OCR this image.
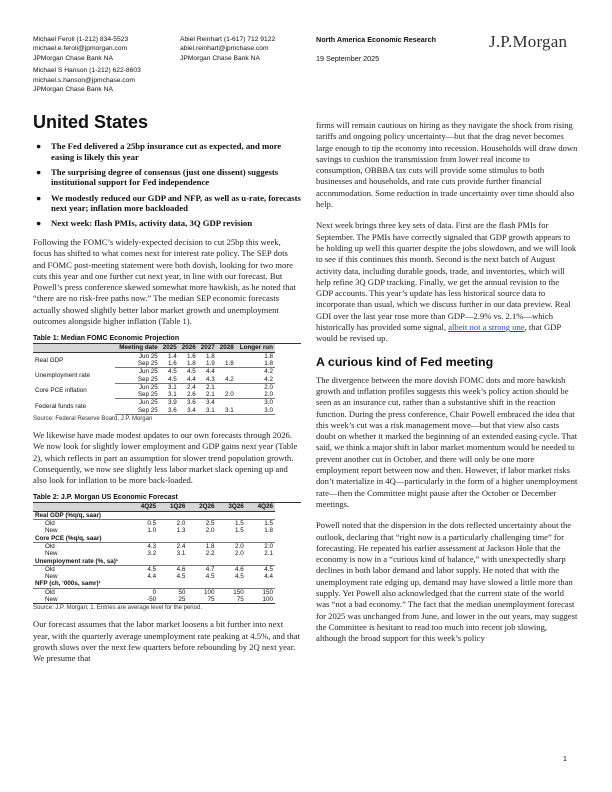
Michael Feroli (1-212) 834-5523
michael.e.feroli@jpmorgan.com
JPMorgan Chase Bank NA
Michael S Hanson (1-212) 622-8603
michael.s.hanson@jpmchase.com
JPMorgan Chase Bank NA
Abiel Reinhart (1-617) 712 9122
abiel.reinhart@jpmchase.com
JPMorgan Chase Bank NA
North America Economic Research
19 September 2025
J.P.Morgan
United States
● The Fed delivered a 25bp insurance cut as expected, and more easing is likely this year
● The surprising degree of consensus (just one dissent) suggests institutional support for Fed independence
● We modestly reduced our GDP and NFP, as well as u-rate, forecasts next year; inflation more backloaded
● Next week: flash PMIs, activity data, 3Q GDP revision

Following the FOMC’s widely-expected decision to cut 25bp this week, focus has shifted to what comes next for interest rate policy. The SEP dots and FOMC post-meeting statement were both dovish, looking for two more cuts this year and one further cut next year, in line with our forecast. But Powell’s press conference skewed somewhat more hawkish, as he noted that “there are no risk-free paths now.” The median SEP economic forecasts actually showed slightly better labor market growth and unemployment outcomes alongside higher inflation (Table 1).

Table 1: Median FOMC Economic Projection
	Meeting date	2025	2026	2027	2028	Longer run
Real GDP	Jun 25	1.4	1.6	1.8		1.8
	Sep 25	1.6	1.8	1.9	1.8	1.8
Unemployment rate	Jun 25	4.5	4.5	4.4		4.2
	Sep 25	4.5	4.4	4.3	4.2	4.2
Core PCE inflation	Jun 25	3.1	2.4	2.1		2.0
	Sep 25	3.1	2.6	2.1	2.0	2.0
Federal funds rate	Jun 25	3.9	3.6	3.4		3.0
	Sep 25	3.6	3.4	3.1	3.1	3.0
Source: Federal Reserve Board, J.P. Morgan

We likewise have made modest updates to our own forecasts through 2026. We now look for slightly lower employment and GDP gains next year (Table 2), which reflects in part an assumption for slower trend population growth. Consequently, we now see slightly less labor market slack opening up and also look for inflation to be more back-loaded.

Table 2: J.P. Morgan US Economic Forecast
	4Q25	1Q26	2Q26	3Q26	4Q26
Real GDP (%q/q, saar)					
Old	0.5	2.0	2.5	1.5	1.5
New	1.0	1.3	2.0	1.5	1.8
Core PCE (%q/q, saar)					
Old	4.3	2.4	1.8	2.0	2.0
New	3.2	3.1	2.2	2.0	2.1
Unemployment rate (%, sa)¹					
Old	4.5	4.6	4.7	4.6	4.5
New	4.4	4.5	4.5	4.5	4.4
NFP (ch, ‘000s, samr)¹					
Old	0	50	100	150	150
New	-50	25	75	75	100
Source: J.P. Morgan; 1. Entries are average level for the period.

Our forecast assumes that the labor market loosens a bit further into next year, with the quarterly average unemployment rate peaking at 4.5%, and that growth slows over the next few quarters before rebounding by 2Q next year. We presume that

firms will remain cautious on hiring as they navigate the shock from rising tariffs and ongoing policy uncertainty—but that the drag never becomes large enough to tip the economy into recession. Households will draw down savings to cushion the transmission from lower real income to consumption, OBBBA tax cuts will provide some stimulus to both businesses and households, and rate cuts provide further financial accommodation. Some reduction in trade uncertainty over time should also help.

Next week brings three key sets of data. First are the flash PMIs for September. The PMIs have correctly signaled that GDP growth appears to be holding up well this quarter despite the jobs slowdown, and we will look to see if this continues this month. Second is the next batch of August activity data, including durable goods, trade, and inventories, which will help refine 3Q GDP tracking. Finally, we get the annual revision to the GDP accounts. This year’s update has less historical source data to incorporate than usual, which we discuss further in our data preview. Real GDI over the last year rose more than GDP—2.9% vs. 2.1%—which historically has provided some signal, albeit not a strong one, that GDP would be revised up.

A curious kind of Fed meeting

The divergence between the more dovish FOMC dots and more hawkish growth and inflation profiles suggests this week’s policy action should be seen as an insurance cut, rather than a substantive shift in the reaction function. During the press conference, Chair Powell embraced the idea that this week’s cut was a risk management move—but that view also casts doubt on whether it marked the beginning of an extended easing cycle. That said, we think a major shift in labor market momentum would be needed to prevent another cut in October, and there will only be one more employment report between now and then. However, if labor market risks don’t materialize in 4Q—particularly in the form of a higher unemployment rate—then the Committee might pause after the October or December meetings.

Powell noted that the dispersion in the dots reflected uncertainty about the outlook, declaring that “right now is a particularly challenging time” for forecasting. He repeated his earlier assessment at Jackson Hole that the economy is now in a “curious kind of balance,” with unexpectedly sharp declines in both labor demand and labor supply. He noted that with the unemployment rate edging up, demand may have slowed a little more than supply. Yet Powell also acknowledged that the current state of the world was “not a bad economy.” The fact that the median unemployment forecast for 2025 was unchanged from June, and lower in the out years, may suggest the Committee is hesitant to read too much into recent job slowing, although the broad support for this week’s policy

1
